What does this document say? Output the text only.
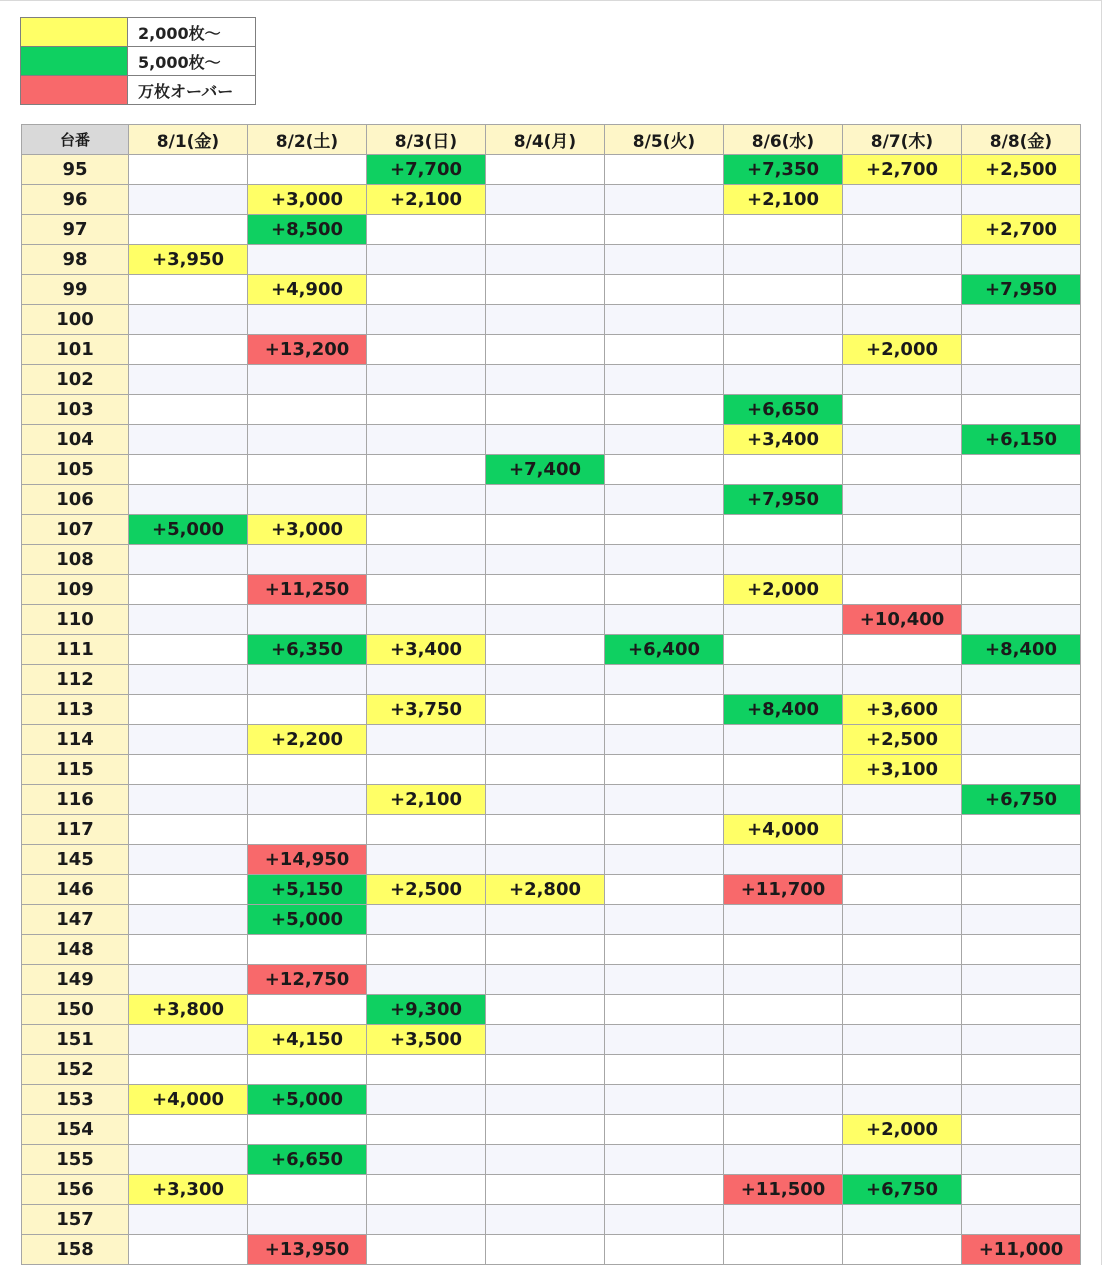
	2,000枚～
	5,000枚～
	万枚オーバー
台番	8/1(金)	8/2(土)	8/3(日)	8/4(月)	8/5(火)	8/6(水)	8/7(木)	8/8(金)
95			+7,700			+7,350	+2,700	+2,500
96		+3,000	+2,100			+2,100		
97		+8,500						+2,700
98	+3,950							
99		+4,900						+7,950
100								
101		+13,200					+2,000	
102								
103						+6,650		
104						+3,400		+6,150
105				+7,400				
106						+7,950		
107	+5,000	+3,000						
108								
109		+11,250				+2,000		
110							+10,400	
111		+6,350	+3,400		+6,400			+8,400
112								
113			+3,750			+8,400	+3,600	
114		+2,200					+2,500	
115							+3,100	
116			+2,100					+6,750
117						+4,000		
145		+14,950						
146		+5,150	+2,500	+2,800		+11,700		
147		+5,000						
148								
149		+12,750						
150	+3,800		+9,300					
151		+4,150	+3,500					
152								
153	+4,000	+5,000						
154							+2,000	
155		+6,650						
156	+3,300					+11,500	+6,750	
157								
158		+13,950						+11,000
